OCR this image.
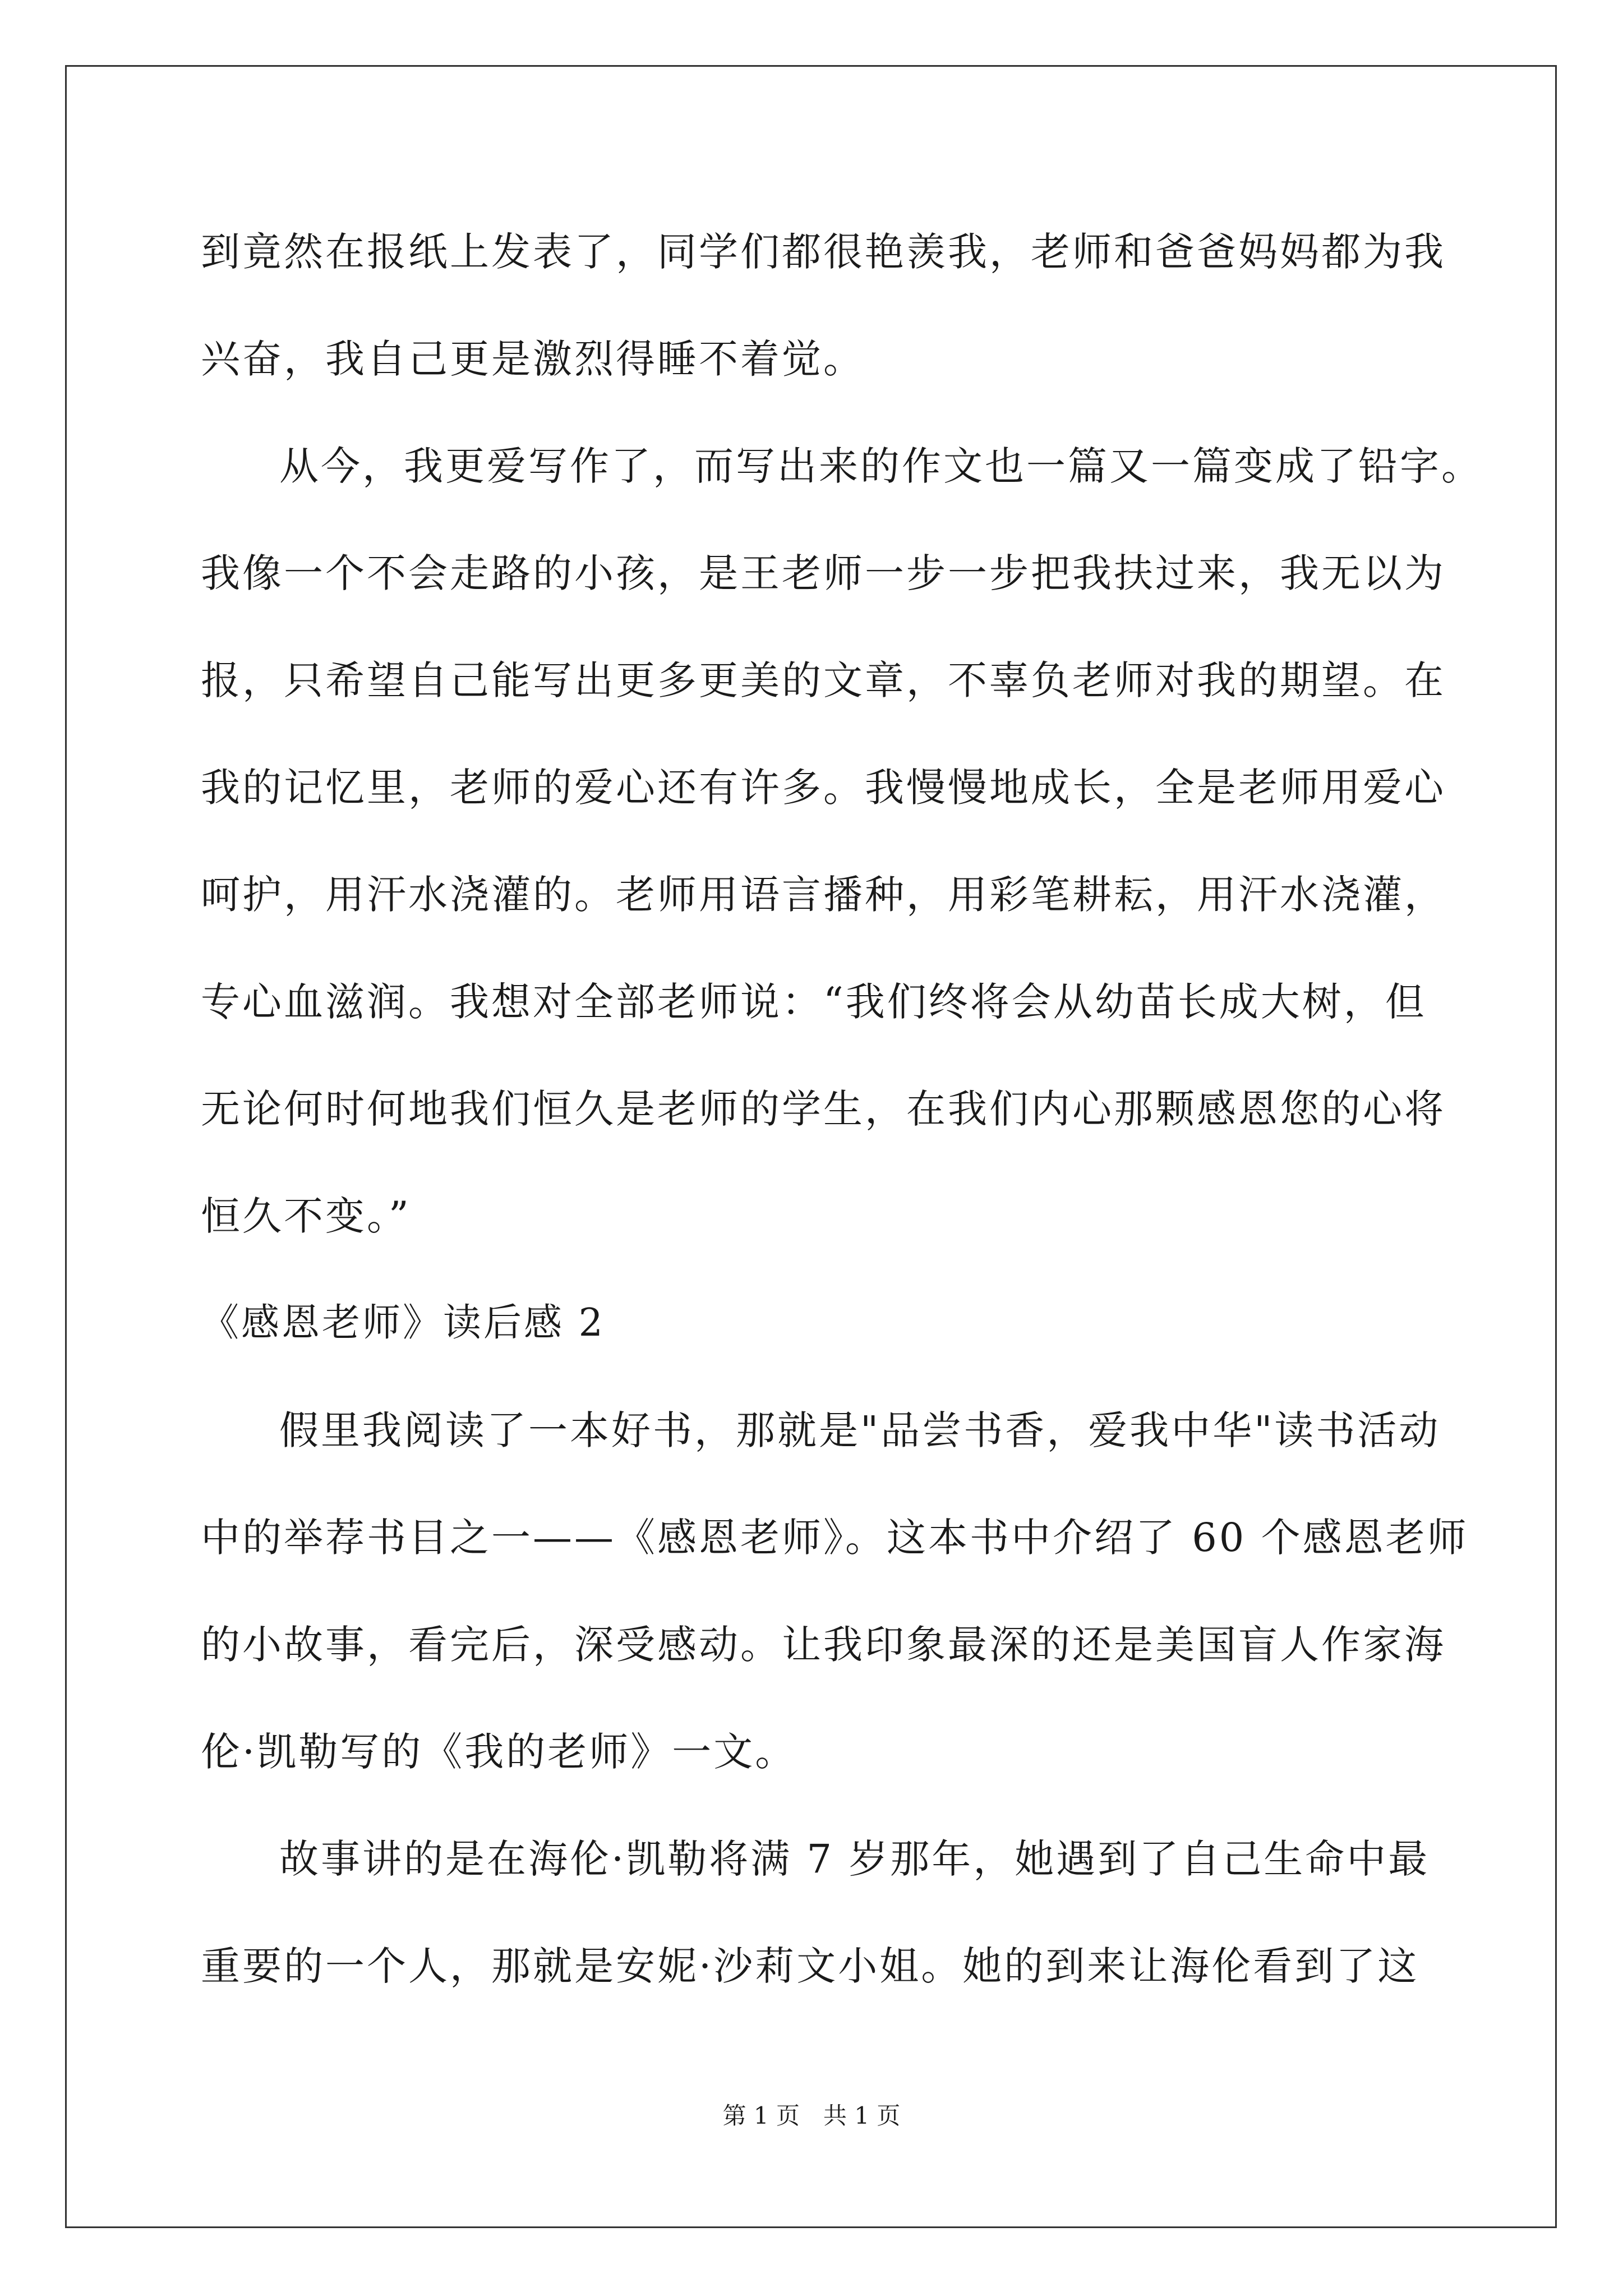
到竟然在报纸上发表了，同学们都很艳羡我，老师和爸爸妈妈都为我
兴奋，我自己更是激烈得睡不着觉。
从今，我更爱写作了，而写出来的作文也一篇又一篇变成了铅字。
我像一个不会走路的小孩，是王老师一步一步把我扶过来，我无以为
报，只希望自己能写出更多更美的文章，不辜负老师对我的期望。在
我的记忆里，老师的爱心还有许多。我慢慢地成长，全是老师用爱心
呵护，用汗水浇灌的。老师用语言播种，用彩笔耕耘，用汗水浇灌，
专心血滋润。我想对全部老师说：“我们终将会从幼苗长成大树，但
无论何时何地我们恒久是老师的学生，在我们内心那颗感恩您的心将
恒久不变。”
《感恩老师》读后感 2
假里我阅读了一本好书，那就是"品尝书香，爱我中华"读书活动
中的举荐书目之一——《感恩老师》。这本书中介绍了 60 个感恩老师
的小故事，看完后，深受感动。让我印象最深的还是美国盲人作家海
伦·凯勒写的《我的老师》一文。
故事讲的是在海伦·凯勒将满 7 岁那年，她遇到了自己生命中最
重要的一个人，那就是安妮·沙莉文小姐。她的到来让海伦看到了这
第 1 页　共 1 页
